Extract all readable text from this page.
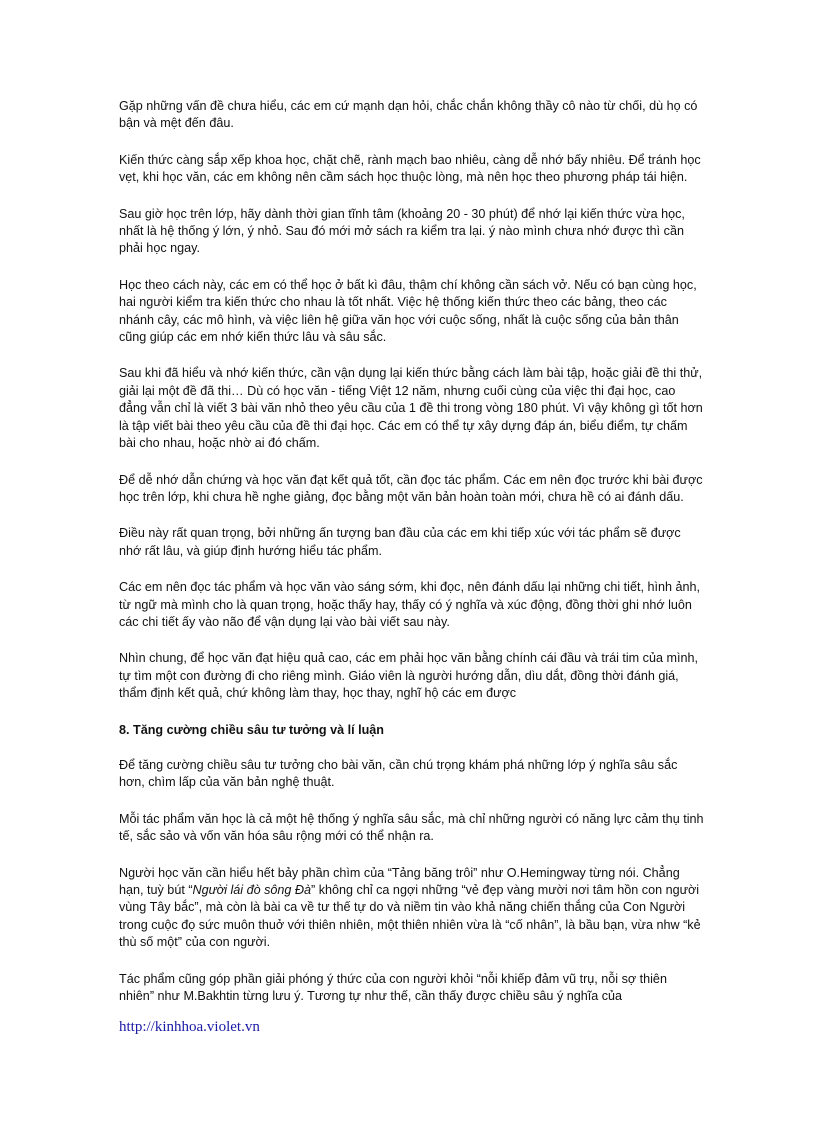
Gặp những vấn đề chưa hiểu, các em cứ mạnh dạn hỏi, chắc chắn không thầy cô nào từ chối, dù họ có bận và mệt đến đâu.

Kiến thức càng sắp xếp khoa học, chặt chẽ, rành mạch bao nhiêu, càng dễ nhớ bấy nhiêu. Để tránh học vẹt, khi học văn, các em không nên cầm sách học thuộc lòng, mà nên học theo phương pháp tái hiện.

Sau giờ học trên lớp, hãy dành thời gian tĩnh tâm (khoảng 20 - 30 phút) để nhớ lại kiến thức vừa học, nhất là hệ thống ý lớn, ý nhỏ. Sau đó mới mở sách ra kiểm tra lại. ý nào mình chưa nhớ được thì cần phải học ngay.

Học theo cách này, các em có thể học ở bất kì đâu, thậm chí không cần sách vở. Nếu có bạn cùng học, hai người kiểm tra kiến thức cho nhau là tốt nhất. Việc hệ thống kiến thức theo các bảng, theo các nhánh cây, các mô hình, và việc liên hệ giữa văn học với cuộc sống, nhất là cuộc sống của bản thân cũng giúp các em nhớ kiến thức lâu và sâu sắc.

Sau khi đã hiểu và nhớ kiến thức, cần vận dụng lại kiến thức bằng cách làm bài tập, hoặc giải đề thi thử, giải lại một đề đã thi… Dù có học văn - tiếng Việt 12 năm, nhưng cuối cùng của việc thi đại học, cao đẳng vẫn chỉ là viết 3 bài văn nhỏ theo yêu cầu của 1 đề thi trong vòng 180 phút. Vì vậy không gì tốt hơn là tập viết bài theo yêu cầu của đề thi đại học. Các em có thể tự xây dựng đáp án, biểu điểm, tự chấm bài cho nhau, hoặc nhờ ai đó chấm.

Để dễ nhớ dẫn chứng và học văn đạt kết quả tốt, cần đọc tác phẩm. Các em nên đọc trước khi bài được học trên lớp, khi chưa hề nghe giảng, đọc bằng một văn bản hoàn toàn mới, chưa hề có ai đánh dấu.

Điều này rất quan trọng, bởi những ấn tượng ban đầu của các em khi tiếp xúc với tác phẩm sẽ được nhớ rất lâu, và giúp định hướng hiểu tác phẩm.

Các em nên đọc tác phẩm và học văn vào sáng sớm, khi đọc, nên đánh dấu lại những chi tiết, hình ảnh, từ ngữ mà mình cho là quan trọng, hoặc thấy hay, thấy có ý nghĩa và xúc động, đồng thời ghi nhớ luôn các chi tiết ấy vào não để vận dụng lại vào bài viết sau này.

Nhìn chung, để học văn đạt hiệu quả cao, các em phải học văn bằng chính cái đầu và trái tim của mình, tự tìm một con đường đi cho riêng mình. Giáo viên là người hướng dẫn, dìu dắt, đồng thời đánh giá, thẩm định kết quả, chứ không làm thay, học thay, nghĩ hộ các em được

8. Tăng cường chiều sâu tư tưởng và lí luận

Để tăng cường chiều sâu tư tưởng cho bài văn, cần chú trọng khám phá những lớp ý nghĩa sâu sắc hơn, chìm lấp của văn bản nghệ thuật.

Mỗi tác phẩm văn học là cả một hệ thống ý nghĩa sâu sắc, mà chỉ những người có năng lực cảm thụ tinh tế, sắc sảo và vốn văn hóa sâu rộng mới có thể nhận ra.

Người học văn cần hiểu hết bảy phần chìm của “Tảng băng trôi” như O.Hemingway từng nói. Chẳng hạn, tuỳ bút “Người lái đò sông Đà” không chỉ ca ngợi những “vẻ đẹp vàng mười nơi tâm hồn con người vùng Tây bắc”, mà còn là bài ca về tư thế tự do và niềm tin vào khả năng chiến thắng của Con Người trong cuộc đọ sức muôn thuở với thiên nhiên, một thiên nhiên vừa là “cố nhân”, là bầu bạn, vừa nhw “kẻ thù số một” của con người.

Tác phẩm cũng góp phần giải phóng ý thức của con người khỏi “nỗi khiếp đảm vũ trụ, nỗi sợ thiên nhiên” như M.Bakhtin từng lưu ý. Tương tự như thế, cần thấy được chiều sâu ý nghĩa của

http://kinhhoa.violet.vn
